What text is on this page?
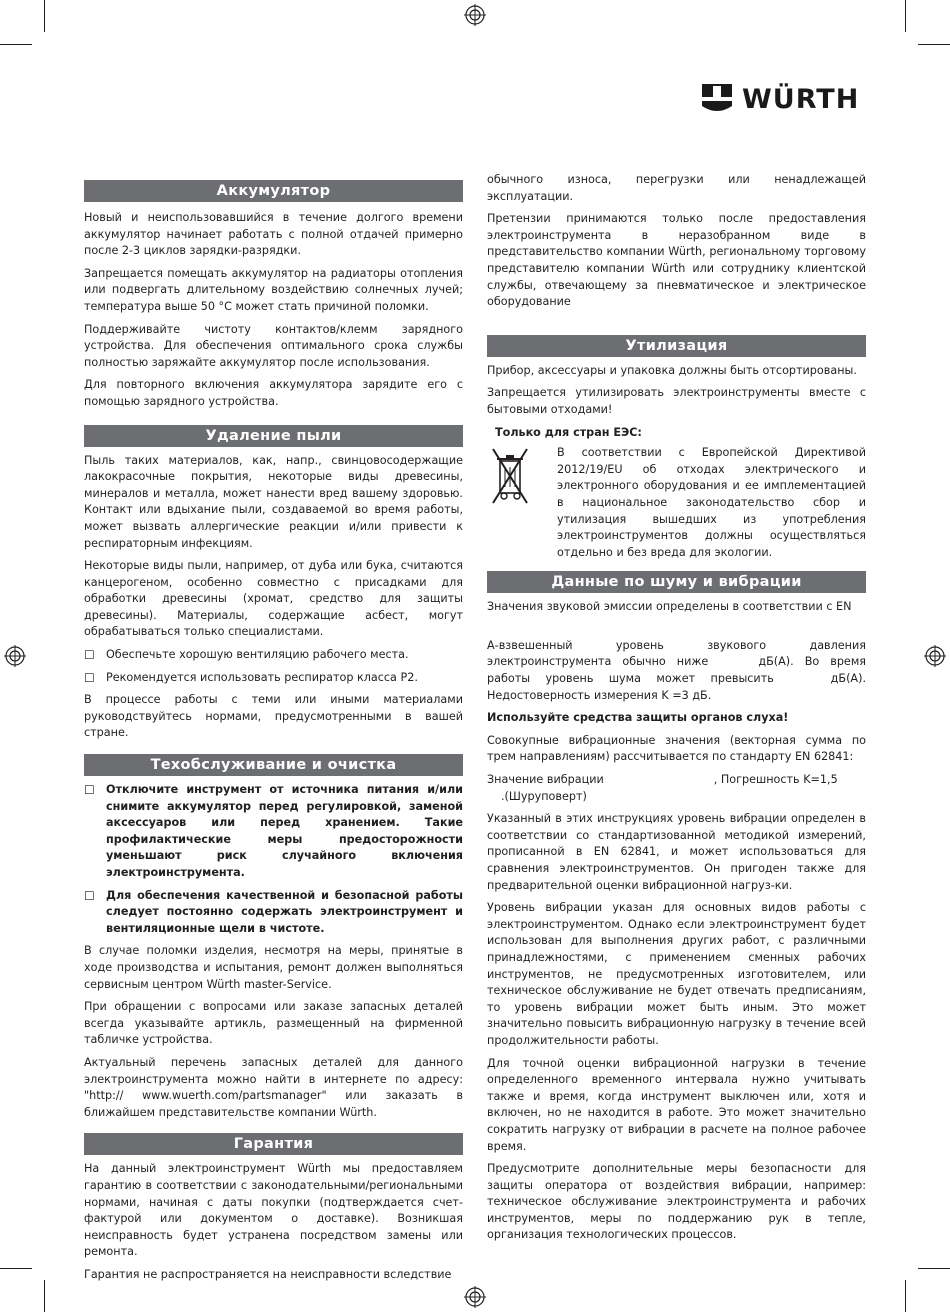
WÜRTH
Аккумулятор

Новый и неиспользовавшийся в течение долгого времени аккумулятор начинает работать с полной отдачей примерно после 2-3 циклов зарядки-разрядки.

Запрещается помещать аккумулятор на радиаторы отопления или подвергать длительному воздействию солнечных лучей; температура выше 50 °C может стать причиной поломки.

Поддерживайте чистоту контактов/клемм зарядного устройства. Для обеспечения оптимального срока службы полностью заряжайте аккумулятор после использования.

Для повторного включения аккумулятора зарядите его с помощью зарядного устройства.

Удаление пыли

Пыль таких материалов, как, напр., свинцовосодержащие лакокрасочные покрытия, некоторые виды древесины, минералов и металла, может нанести вред вашему здоровью. Контакт или вдыхание пыли, создаваемой во время работы, может вызвать аллергические реакции и/или привести к респираторным инфекциям.

Некоторые виды пыли, например, от дуба или бука, считаются канцерогеном, особенно совместно с присадками для обработки древесины (хромат, средство для защиты древесины). Материалы, содержащие асбест, могут обрабатываться только специалистами.

☐	Обеспечьте хорошую вентиляцию рабочего места.
☐	Рекомендуется использовать респиратор класса Р2.

В процессе работы с теми или иными материалами руководствуйтесь нормами, предусмотренными в вашей стране.

Техобслуживание и очистка
☐	Отключите инструмент от источника питания и/или снимите аккумулятор перед регулировкой, заменой аксессуаров или перед хранением. Такие профилактические меры предосторожности уменьшают риск случайного включения электроинструмента.
☐	Для обеспечения качественной и безопасной работы следует постоянно содержать электроинструмент и вентиляционные щели в чистоте.

В случае поломки изделия, несмотря на меры, принятые в ходе производства и испытания, ремонт должен выполняться сервисным центром Würth master-Service.

При обращении с вопросами или заказе запасных деталей всегда указывайте артикль, размещенный на фирменной табличке устройства.

Актуальный перечень запасных деталей для данного электроинструмента можно найти в интернете по адресу: "http:// www.wuerth.com/partsmanager" или заказать в ближайшем представительстве компании Würth.

Гарантия

На данный электроинструмент Würth мы предоставляем гарантию в соответствии с законодательными/региональными нормами, начиная с даты покупки (подтверждается счет-фактурой или документом о доставке). Возникшая неисправность будет устранена посредством замены или ремонта.

Гарантия не распространяется на неисправности вследствие

обычного износа, перегрузки или ненадлежащей эксплуатации.

Претензии принимаются только после предоставления электроинструмента в неразобранном виде в представительство компании Würth, региональному торговому представителю компании Würth или сотруднику клиентской службы, отвечающему за пневматическое и электрическое оборудование

Утилизация

Прибор, аксессуары и упаковка должны быть отсортированы.

Запрещается утилизировать электроинструменты вместе с бытовыми отходами!

Только для стран ЕЭС:
В соответствии с Европейской Директивой 2012/19/EU об отходах электрического и электронного оборудования и ее имплементацией в национальное законодательство сбор и утилизация вышедших из употребления электроинструментов должны осуществляться отдельно и без вреда для экологии.
Данные по шуму и вибрации

Значения звуковой эмиссии определены в соответствии с EN

А-взвешенный уровень звукового давления электроинструмента обычно ниже	дБ(А). Во время работы уровень шума может превысить	дБ(А). Недостоверность измерения K =3 дБ.

Используйте средства защиты органов слуха!

Совокупные вибрационные значения (векторная сумма по трем направлениям) рассчитывается по стандарту EN 62841:

Значение вибрации	, Погрешность K=1,5
.(Шуруповерт)

Указанный в этих инструкциях уровень вибрации определен в соответствии со стандартизованной методикой измерений, прописанной в EN 62841, и может использоваться для сравнения электроинструментов. Он пригоден также для предварительной оценки вибрационной нагруз-ки.

Уровень вибрации указан для основных видов работы с электроинструментом. Однако если электроинструмент будет использован для выполнения других работ, с различными принадлежностями, с применением сменных рабочих инструментов, не предусмотренных изготовителем, или техническое обслуживание не будет отвечать предписаниям, то уровень вибрации может быть иным. Это может значительно повысить вибрационную нагрузку в течение всей продолжительности работы.

Для точной оценки вибрационной нагрузки в течение определенного временного интервала нужно учитывать также и время, когда инструмент выключен или, хотя и включен, но не находится в работе. Это может значительно сократить нагрузку от вибрации в расчете на полное рабочее время.

Предусмотрите дополнительные меры безопасности для защиты оператора от воздействия вибрации, например: техническое обслуживание электроинструмента и рабочих инструментов, меры по поддержанию рук в тепле, организация технологических процессов.
